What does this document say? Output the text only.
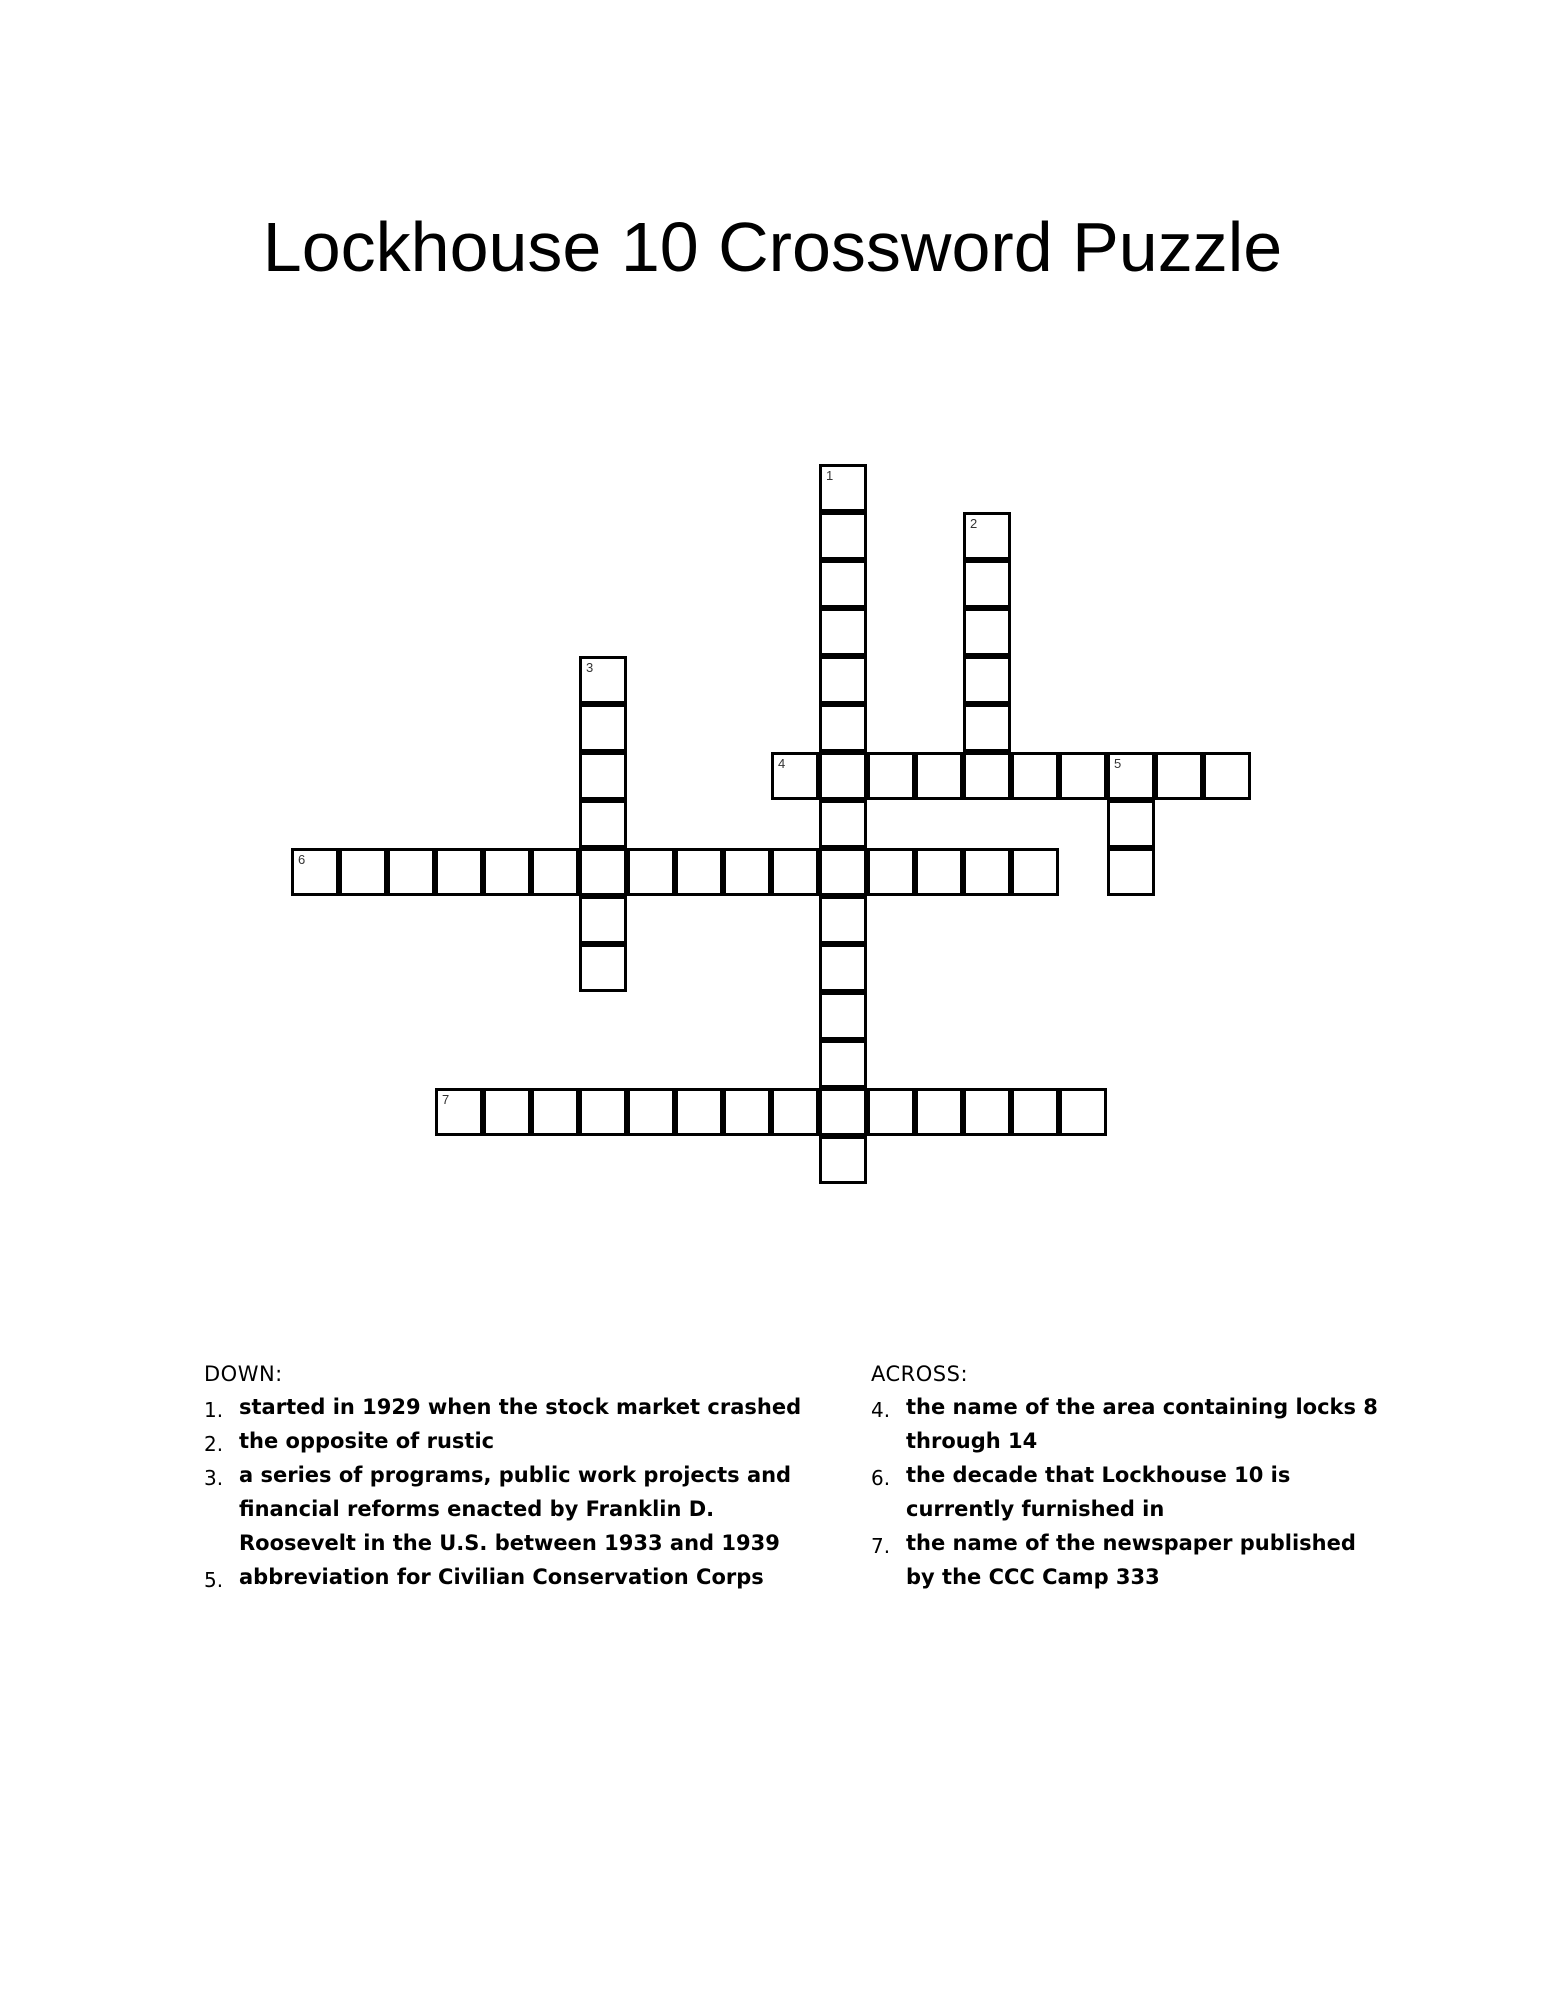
Lockhouse 10 Crossword Puzzle
1
2
3
4	5
6
7
DOWN:
1. started in 1929 when the stock market crashed
2. the opposite of rustic
3. a series of programs, public work projects and financial reforms enacted by Franklin D. Roosevelt in the U.S. between 1933 and 1939
5. abbreviation for Civilian Conservation Corps
ACROSS:
4. the name of the area containing locks 8 through 14
6. the decade that Lockhouse 10 is currently furnished in
7. the name of the newspaper published by the CCC Camp 333
